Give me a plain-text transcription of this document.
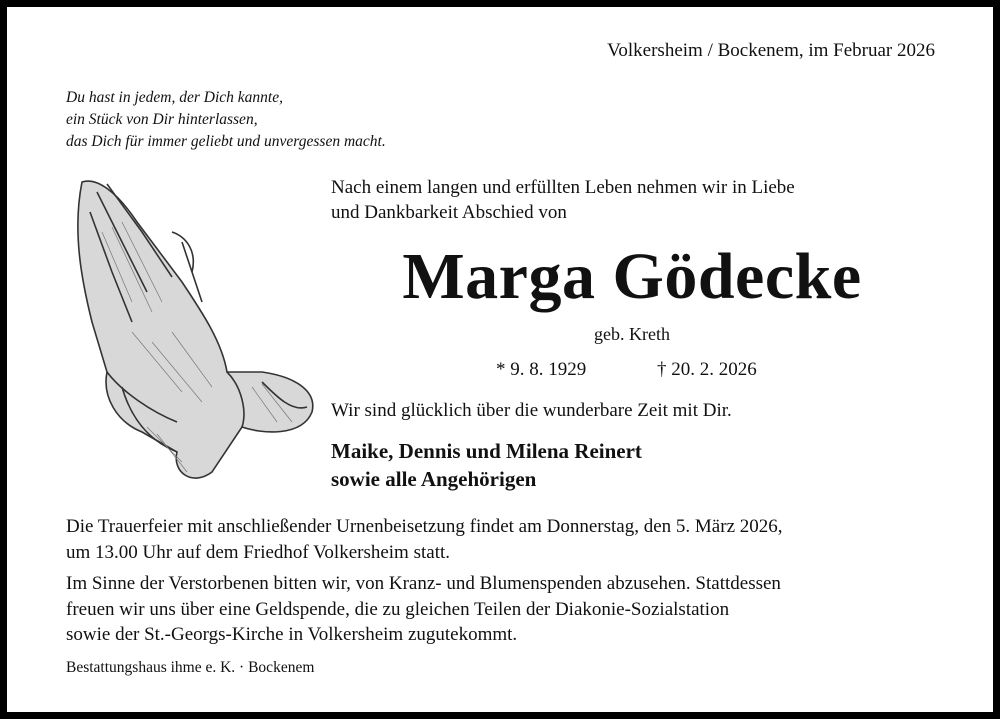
Volkersheim / Bockenem, im Februar 2026
Du hast in jedem, der Dich kannte,
ein Stück von Dir hinterlassen,
das Dich für immer geliebt und unvergessen macht.
Nach einem langen und erfüllten Leben nehmen wir in Liebe
und Dankbarkeit Abschied von
Marga Gödecke
geb. Kreth
* 9. 8. 1929	† 20. 2. 2026
Wir sind glücklich über die wunderbare Zeit mit Dir.
Maike, Dennis und Milena Reinert
sowie alle Angehörigen
Die Trauerfeier mit anschließender Urnenbeisetzung findet am Donnerstag, den 5. März 2026,
um 13.00 Uhr auf dem Friedhof Volkersheim statt.
Im Sinne der Verstorbenen bitten wir, von Kranz- und Blumenspenden abzusehen. Stattdessen
freuen wir uns über eine Geldspende, die zu gleichen Teilen der Diakonie-Sozialstation
sowie der St.-Georgs-Kirche in Volkersheim zugutekommt.
Bestattungshaus ihme e. K. · Bockenem
